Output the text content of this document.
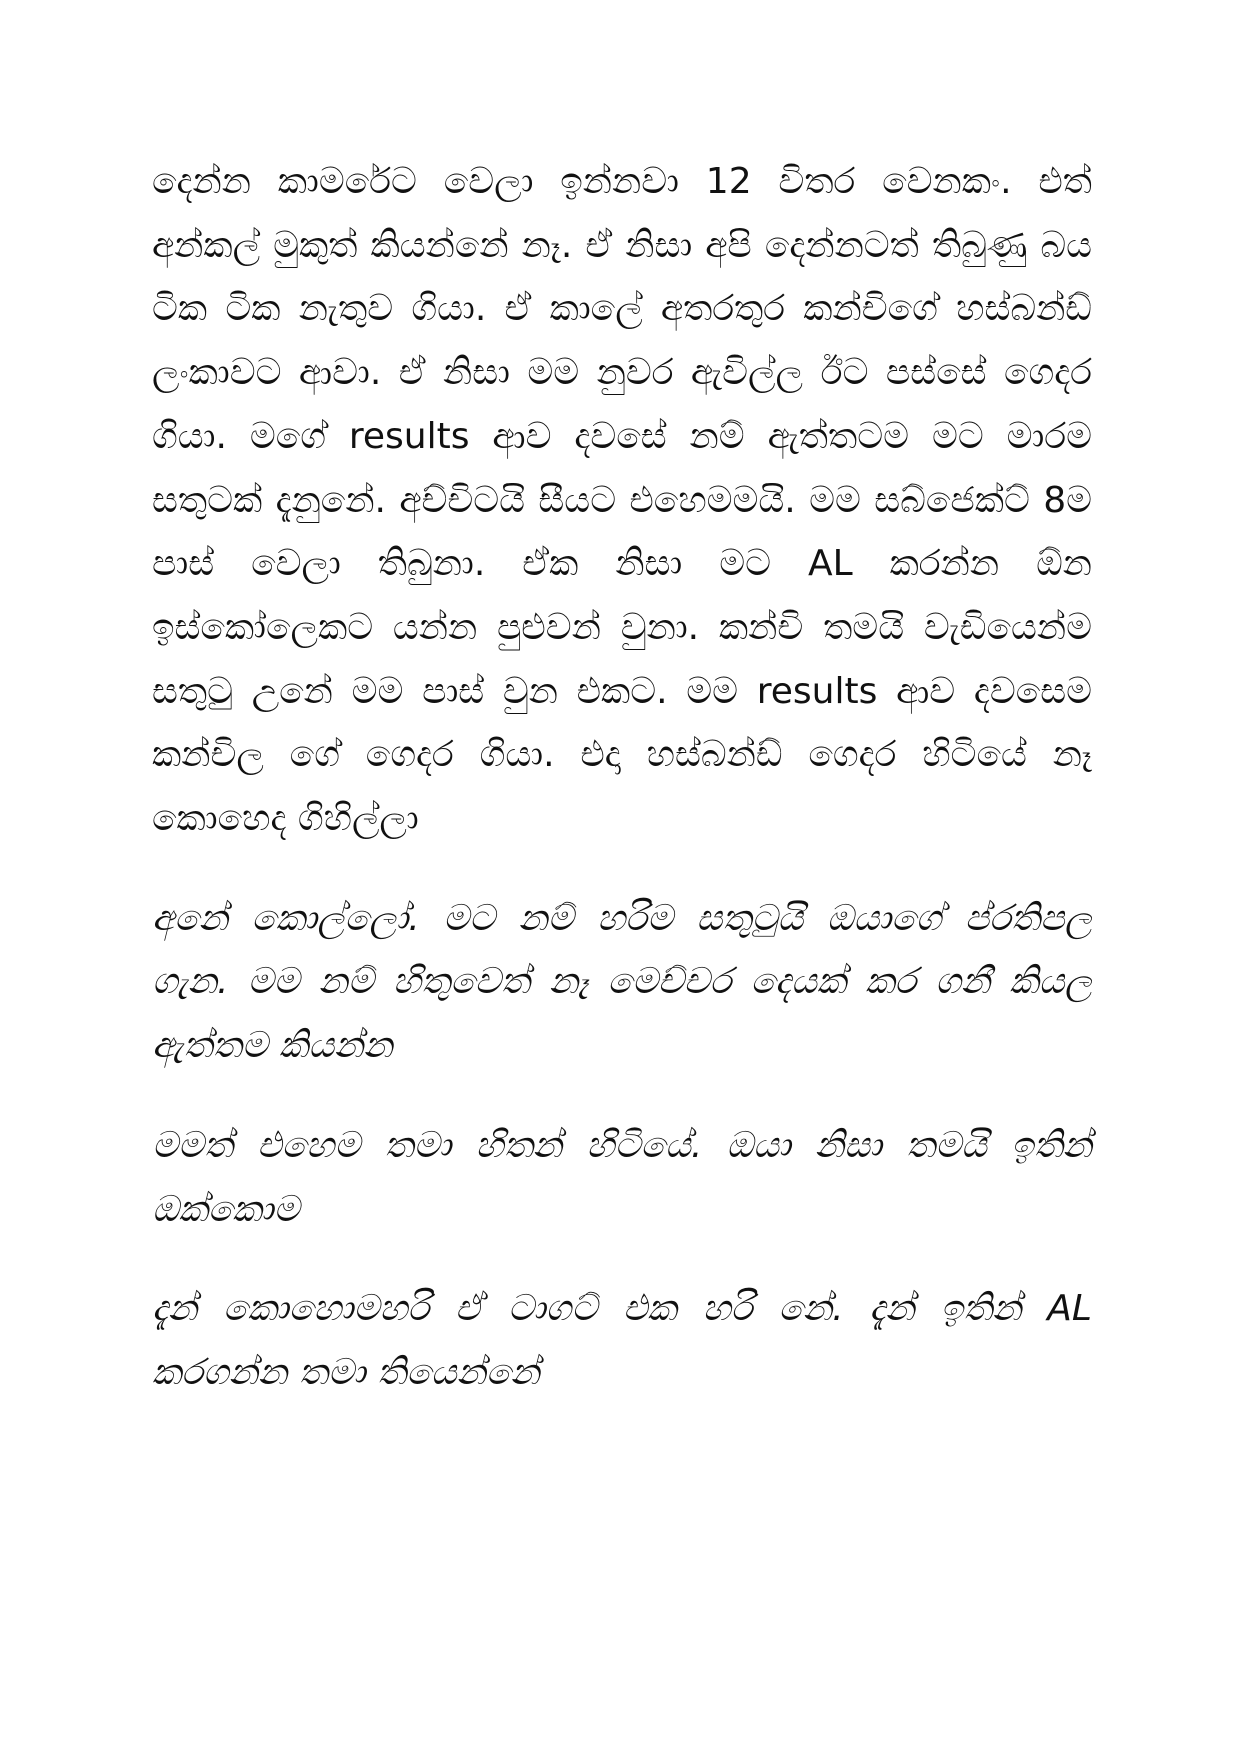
දෙන්න කාමරේට වෙලා ඉන්නවා 12 විතර වෙනකං. එත් අන්කල් මුකුත් කියන්නේ නෑ. ඒ නිසා අපි දෙන්නටත් තිබුණු බය ටික ටික නැතුව ගියා. ඒ කාලේ අතරතුර කන්චිගේ හස්බන්ඩ් ලංකාවට ආවා. ඒ නිසා මම නුවර ඇවිල්ල ඊට පස්සේ ගෙදර ගියා. මගේ results ආව දවසේ නම් ඇත්තටම මට මාරම සතුටක් දැනුනේ. අච්චිටයි සීයට එහෙමමයි. මම සබ්ජෙක්ට් 8ම පාස් වෙලා තිබුනා. ඒක නිසා මට AL කරන්න ඕන ඉස්කෝලෙකට යන්න පුළුවන් වුනා. කන්චි තමයි වැඩියෙන්ම සතුටු උනේ මම පාස් වුන එකට. මම results ආව දවසෙම කන්චිල ගේ ගෙදර ගියා. එදා හස්බන්ඩ් ගෙදර හිටියේ නෑ කොහෙද ගිහිල්ලා

අනේ කොල්ලෝ. මට නම් හරිම සතුටුයි ඔයාගේ ප්රතිපල ගැන. මම නම් හිතුවෙත් නෑ මෙච්චර දෙයක් කර ගනී කියල ඇත්තම කියන්න

මමත් එහෙම තමා හිතන් හිටියේ. ඔයා නිසා තමයි ඉතින් ඔක්කොම

දැන් කොහොමහරි ඒ ටාගට් එක හරි නේ. දැන් ඉතින් AL කරගන්න තමා තියෙන්නේ
